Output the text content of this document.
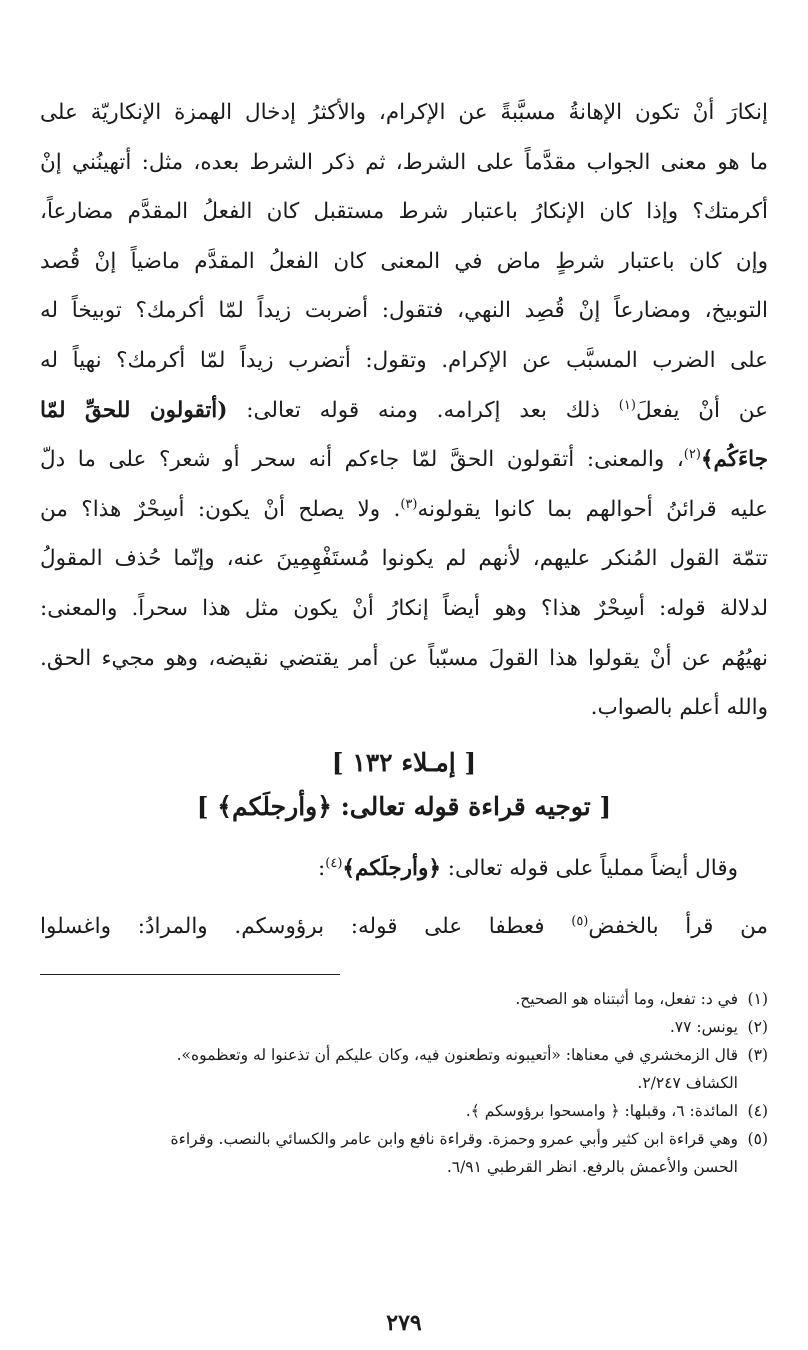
إنكارَ أنْ تكون الإهانةُ مسبَّبةً عن الإكرام، والأكثرُ إدخال الهمزة الإنكاريّة على
ما هو معنى الجواب مقدَّماً على الشرط، ثم ذكر الشرط بعده، مثل: أتهينُني إنْ
أكرمتك؟ وإذا كان الإنكارُ باعتبار شرط مستقبل كان الفعلُ المقدَّم مضارعاً،
وإن كان باعتبار شرطٍ ماض في المعنى كان الفعلُ المقدَّم ماضياً إنْ قُصد
التوبيخ، ومضارعاً إنْ قُصِد النهي، فتقول: أضربت زيداً لمّا أكرمك؟ توبيخاً له
على الضرب المسبَّب عن الإكرام. وتقول: أتضرب زيداً لمّا أكرمك؟ نهياً له
عن أنْ يفعلَ$^{(١)}$ ذلك بعد إكرامه. ومنه قوله تعالى: (أتقولون للحقِّ لمّا
جاءَكُم﴾$^{(٢)}$، والمعنى: أتقولون الحقَّ لمّا جاءكم أنه سحر أو شعر؟ على ما دلّ
عليه قرائنُ أحوالهم بما كانوا يقولونه$^{(٣)}$. ولا يصلح أنْ يكون: أسِحْرٌ هذا؟ من
تتمّة القول المُنكر عليهم، لأنهم لم يكونوا مُستَفْهِمِينَ عنه، وإنّما حُذف المقولُ
لدلالة قوله: أسِحْرٌ هذا؟ وهو أيضاً إنكارُ أنْ يكون مثل هذا سحراً. والمعنى:
نهيُهُم عن أنْ يقولوا هذا القولَ مسبّباً عن أمر يقتضي نقيضه، وهو مجيء الحق.
والله أعلم بالصواب.
[ إمـلاء ١٣٢ ]
[ توجيه قراءة قوله تعالى: ﴿وأرجلَكم﴾ ]
وقال أيضاً مملياً على قوله تعالى: ﴿وأرجلَكم﴾$^{(٤)}$:
من قرأ بالخفض$^{(٥)}$ فعطفا على قوله: برؤوسكم. والمرادُ: واغسلوا
(١)في د: تفعل، وما أثبتناه هو الصحيح.
(٢)يونس: ٧٧.
(٣)قال الزمخشري في معناها: «أتعيبونه وتطعنون فيه، وكان عليكم أن تذعنوا له وتعظموه».
الكشاف ٢/٢٤٧.
(٤)المائدة: ٦، وقبلها: ﴿ وامسحوا برؤوسكم ﴾.
(٥)وهي قراءة ابن كثير وأبي عمرو وحمزة. وقراءة نافع وابن عامر والكسائي بالنصب. وقراءة
الحسن والأعمش بالرفع. انظر القرطبي ٦/٩١.
٢٧٩
